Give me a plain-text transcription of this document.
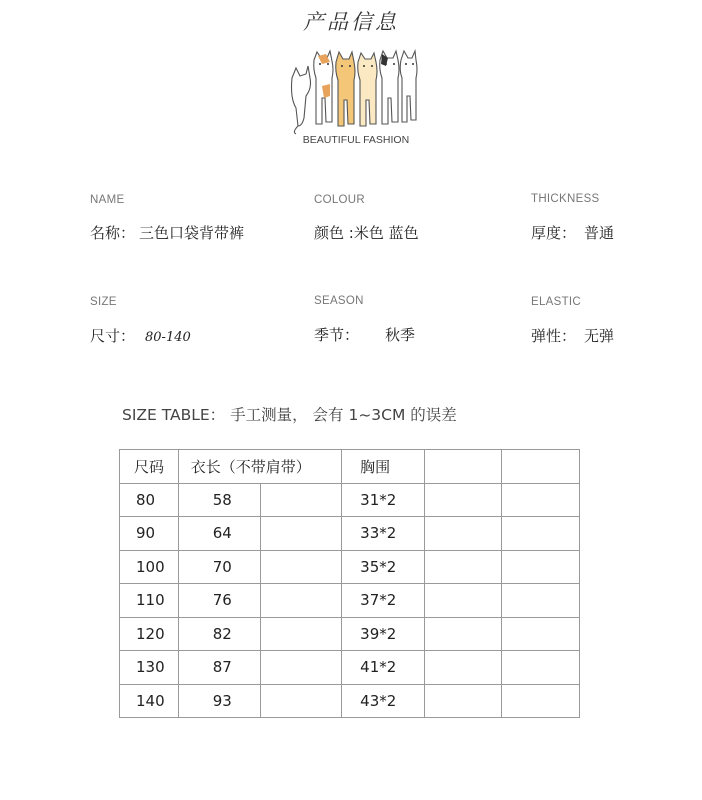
产品信息
BEAUTIFUL FASHION
NAME
名称： 三色口袋背带裤
COLOUR
颜色 :米色 蓝色
THICKNESS
厚度： 普通
SIZE
尺寸： 80-140
SEASON
季节： 秋季
ELASTIC
弹性： 无弹
SIZE TABLE： 手工测量， 会有 1~3CM 的误差
尺码	衣长（不带肩带）		胸围		
80	58		31*2		
90	64		33*2		
100	70		35*2		
110	76		37*2		
120	82		39*2		
130	87		41*2		
140	93		43*2		
